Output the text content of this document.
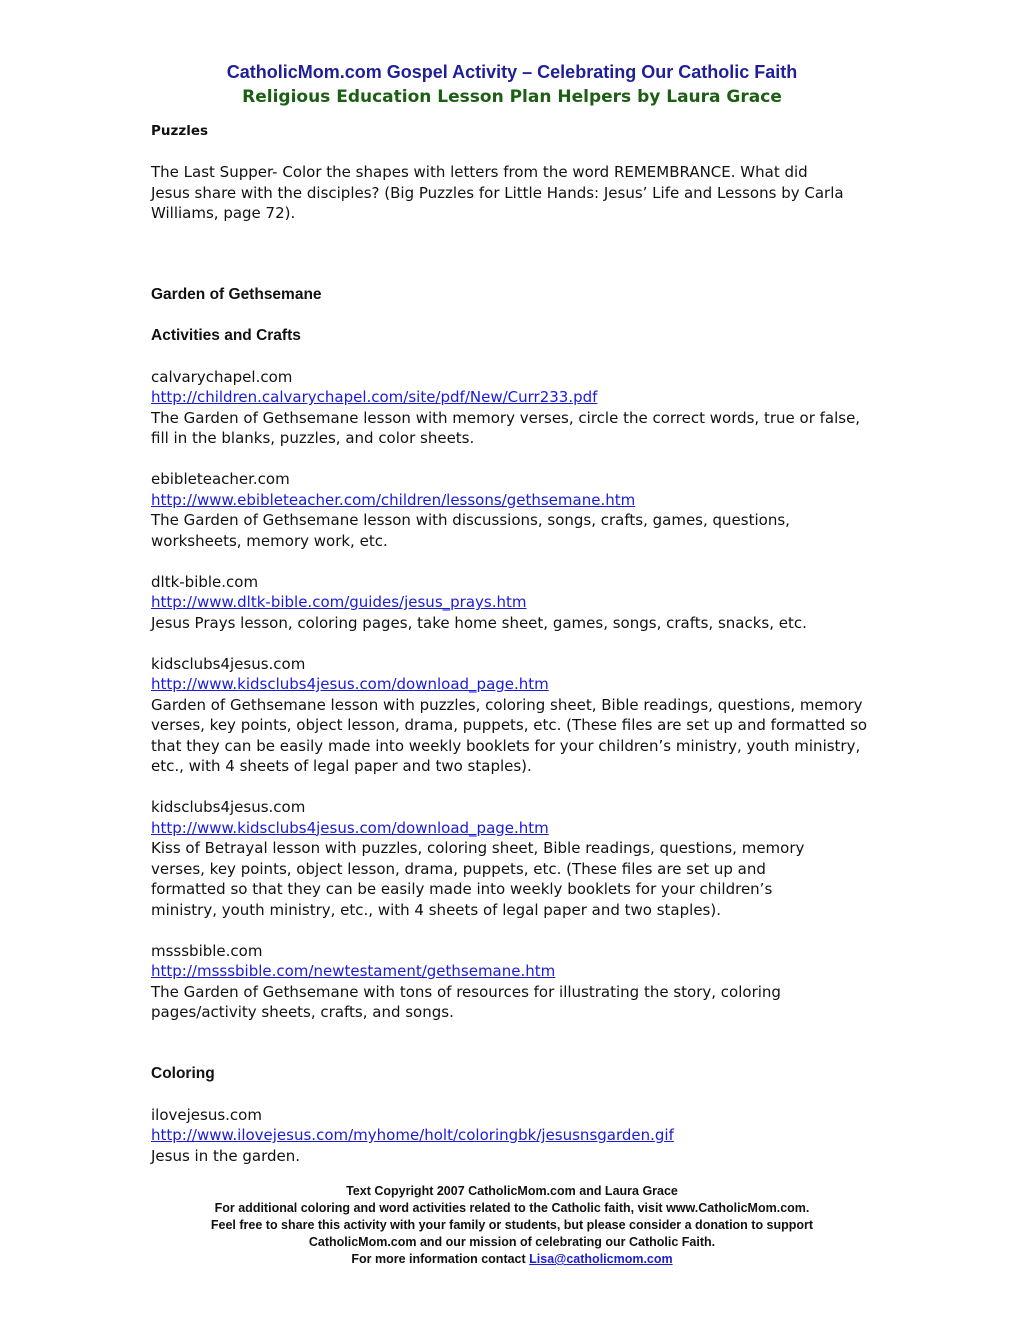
CatholicMom.com Gospel Activity – Celebrating Our Catholic Faith
Religious Education Lesson Plan Helpers by Laura Grace

Puzzles

The Last Supper- Color the shapes with letters from the word REMEMBRANCE. What did Jesus share with the disciples? (Big Puzzles for Little Hands: Jesus’ Life and Lessons by Carla Williams, page 72).

Garden of Gethsemane

Activities and Crafts

calvarychapel.com

http://children.calvarychapel.com/site/pdf/New/Curr233.pdf

The Garden of Gethsemane lesson with memory verses, circle the correct words, true or false, fill in the blanks, puzzles, and color sheets.

ebibleteacher.com

http://www.ebibleteacher.com/children/lessons/gethsemane.htm

The Garden of Gethsemane lesson with discussions, songs, crafts, games, questions, worksheets, memory work, etc.

dltk-bible.com

http://www.dltk-bible.com/guides/jesus_prays.htm

Jesus Prays lesson, coloring pages, take home sheet, games, songs, crafts, snacks, etc.

kidsclubs4jesus.com

http://www.kidsclubs4jesus.com/download_page.htm

Garden of Gethsemane lesson with puzzles, coloring sheet, Bible readings, questions, memory verses, key points, object lesson, drama, puppets, etc. (These files are set up and formatted so that they can be easily made into weekly booklets for your children’s ministry, youth ministry, etc., with 4 sheets of legal paper and two staples).

kidsclubs4jesus.com

http://www.kidsclubs4jesus.com/download_page.htm

Kiss of Betrayal lesson with puzzles, coloring sheet, Bible readings, questions, memory verses, key points, object lesson, drama, puppets, etc. (These files are set up and formatted so that they can be easily made into weekly booklets for your children’s ministry, youth ministry, etc., with 4 sheets of legal paper and two staples).

msssbible.com

http://msssbible.com/newtestament/gethsemane.htm

The Garden of Gethsemane with tons of resources for illustrating the story, coloring pages/activity sheets, crafts, and songs.

Coloring

ilovejesus.com

http://www.ilovejesus.com/myhome/holt/coloringbk/jesusnsgarden.gif

Jesus in the garden.

Text Copyright 2007 CatholicMom.com and Laura Grace
For additional coloring and word activities related to the Catholic faith, visit www.CatholicMom.com.
Feel free to share this activity with your family or students, but please consider a donation to support
CatholicMom.com and our mission of celebrating our Catholic Faith.
For more information contact Lisa@catholicmom.com
